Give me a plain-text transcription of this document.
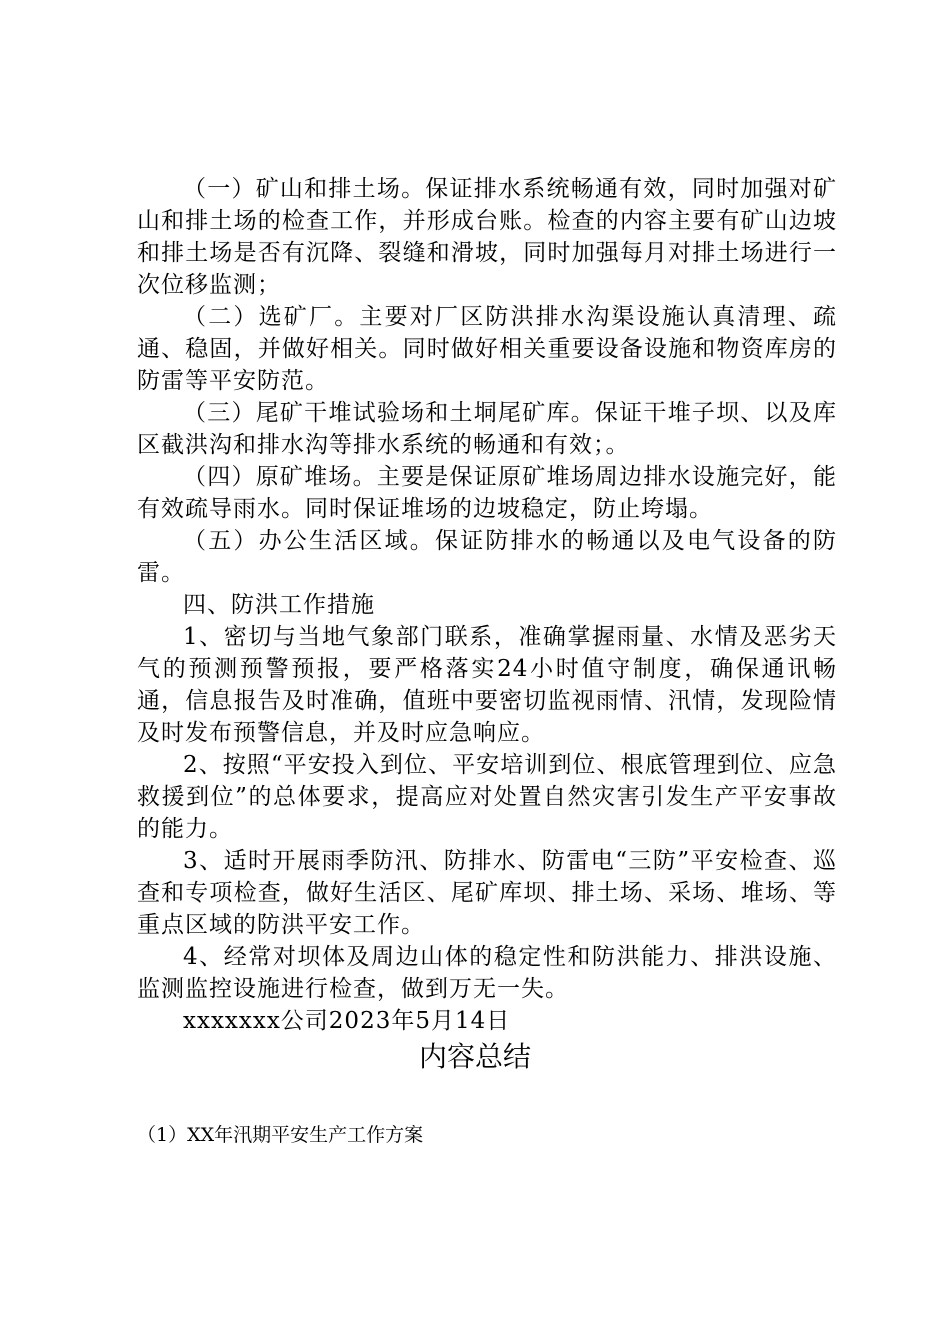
（一）矿山和排土场。保证排水系统畅通有效，同时加强对矿山和排土场的检查工作，并形成台账。检查的内容主要有矿山边坡和排土场是否有沉降、裂缝和滑坡，同时加强每月对排土场进行一次位移监测；

（二）选矿厂。主要对厂区防洪排水沟渠设施认真清理、疏通、稳固，并做好相关。同时做好相关重要设备设施和物资库房的防雷等平安防范。

（三）尾矿干堆试验场和土垌尾矿库。保证干堆子坝、以及库区截洪沟和排水沟等排水系统的畅通和有效；。

（四）原矿堆场。主要是保证原矿堆场周边排水设施完好，能有效疏导雨水。同时保证堆场的边坡稳定，防止垮塌。

（五）办公生活区域。保证防排水的畅通以及电气设备的防雷。

四、防洪工作措施

1、密切与当地气象部门联系，准确掌握雨量、水情及恶劣天气的预测预警预报，要严格落实24小时值守制度，确保通讯畅通，信息报告及时准确，值班中要密切监视雨情、汛情，发现险情及时发布预警信息，并及时应急响应。

2、按照“平安投入到位、平安培训到位、根底管理到位、应急救援到位”的总体要求，提高应对处置自然灾害引发生产平安事故的能力。

3、适时开展雨季防汛、防排水、防雷电“三防”平安检查、巡查和专项检查，做好生活区、尾矿库坝、排土场、采场、堆场、等重点区域的防洪平安工作。

4、经常对坝体及周边山体的稳定性和防洪能力、排洪设施、监测监控设施进行检查，做到万无一失。

xxxxxxx公司2023年5月14日

内容总结
（1）XX年汛期平安生产工作方案
